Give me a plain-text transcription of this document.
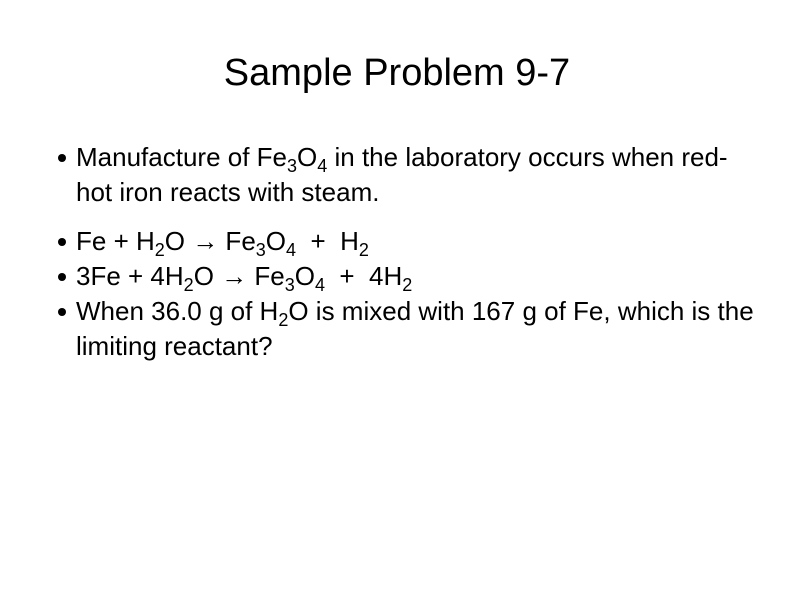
Sample Problem 9-7
Manufacture of $Fe_3O_4$ in the laboratory occurs when red-hot iron reacts with steam.
$Fe + H_2O \to Fe_3O_4 + H_2$
$3Fe + 4H_2O \to Fe_3O_4 + 4H_2$
When 36.0 g of $H_2O$ is mixed with 167 g of Fe, which is the limiting reactant?
